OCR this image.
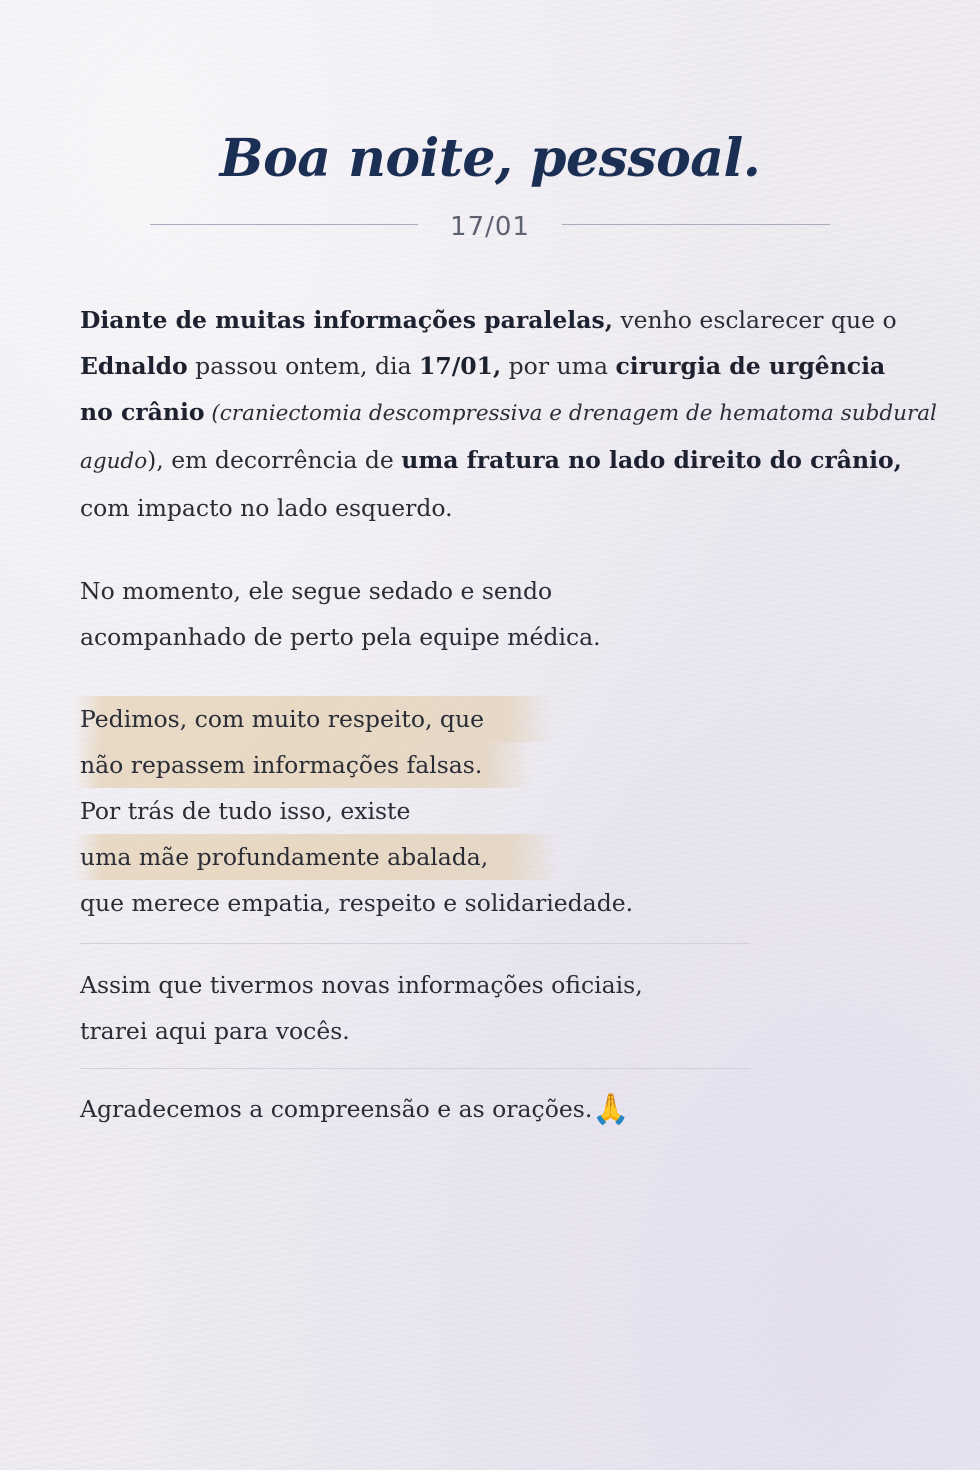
Boa noite, pessoal.
17/01

Diante de muitas informações paralelas, venho esclarecer que o
Ednaldo passou ontem, dia 17/01, por uma cirurgia de urgência
no crânio (craniectomia descompressiva e drenagem de hematoma subdural
agudo), em decorrência de uma fratura no lado direito do crânio,
com impacto no lado esquerdo.

No momento, ele segue sedado e sendo
acompanhado de perto pela equipe médica.

Pedimos, com muito respeito, que
não repassem informações falsas.
Por trás de tudo isso, existe
uma mãe profundamente abalada,
que merece empatia, respeito e solidariedade.

Assim que tivermos novas informações oficiais,
trarei aqui para vocês.

Agradecemos a compreensão e as orações.🙏
